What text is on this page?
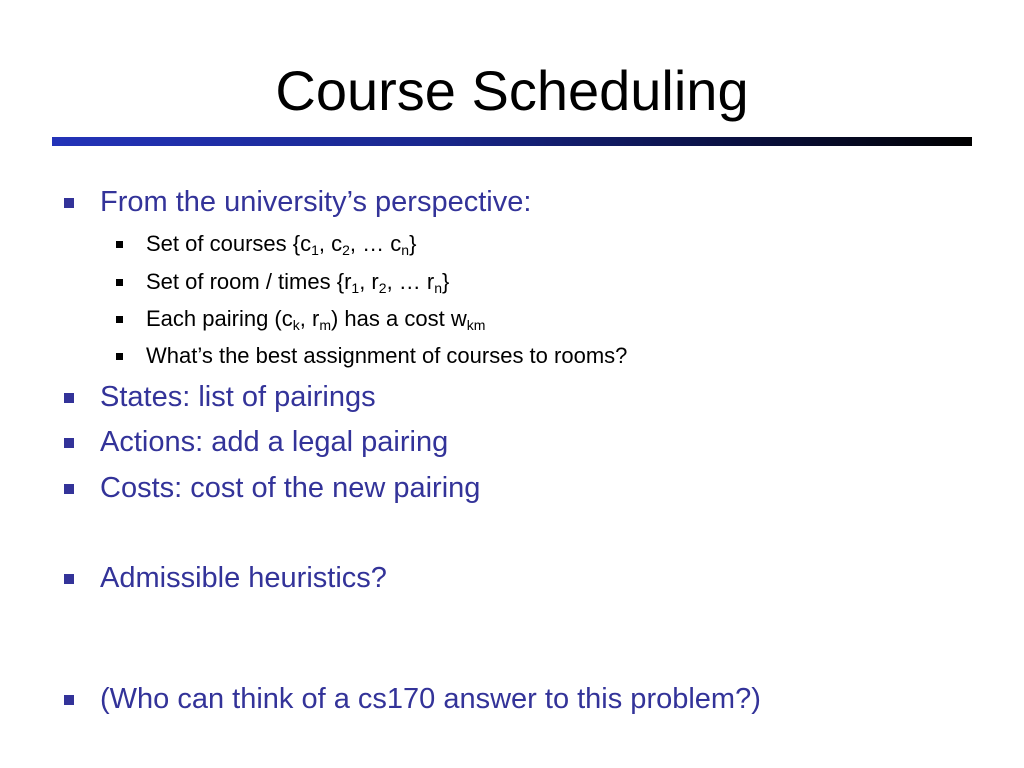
Course Scheduling
From the university’s perspective:
Set of courses {$c_1$, $c_2$, … $c_n$}
Set of room / times {$r_1$, $r_2$, … $r_n$}
Each pairing ($c_k$, $r_m$) has a cost $w_{km}$
What’s the best assignment of courses to rooms?
States: list of pairings
Actions: add a legal pairing
Costs: cost of the new pairing
Admissible heuristics?
(Who can think of a cs170 answer to this problem?)
